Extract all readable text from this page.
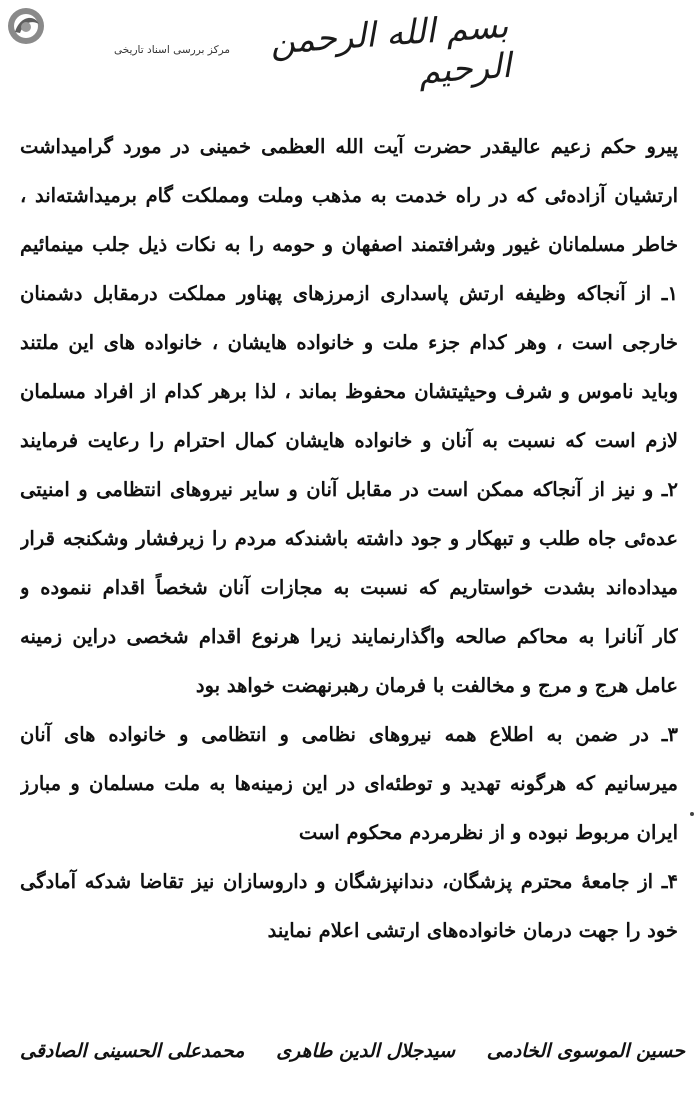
مرکز بررسی اسناد تاریخی	بسم الله الرحمن الرحیم
پیرو حکم زعیم عالیقدر حضرت آیت الله العظمی خمینی در مورد گرامیداشت
ارتشیان آزاده‌ئی که در راه خدمت به مذهب وملت ومملکت گام برمیداشته‌اند ،
خاطر مسلمانان غیور وشرافتمند اصفهان و حومه را به نکات ذیل جلب مینمائیم
۱ـ از آنجاکه وظیفه ارتش پاسداری ازمرزهای پهناور مملکت درمقابل دشمنان
خارجی است ، وهر کدام جزء ملت و خانواده هایشان ، خانواده های این ملتند
وباید ناموس و شرف وحیثیتشان محفوظ بماند ، لذا برهر کدام از افراد مسلمان
لازم است که نسبت به آنان و خانواده هایشان کمال احترام را رعایت فرمایند
۲ـ و نیز از آنجاکه ممکن است در مقابل آنان و سایر نیروهای انتظامی و امنیتی
عده‌ئی جاه طلب و تبهکار و جود داشته باشندکه مردم را زیرفشار وشکنجه قرار
میداده‌اند بشدت خواستاریم که نسبت به مجازات آنان شخصاً اقدام ننموده و
کار آنانرا به محاکم صالحه واگذارنمایند زیرا هرنوع اقدام شخصی دراین زمینه
عامل هرج و مرج و مخالفت با فرمان رهبرنهضت خواهد بود
۳ـ در ضمن به اطلاع همه نیروهای نظامی و انتظامی و خانواده های آنان
میرسانیم که هرگونه تهدید و توطئه‌ای در این زمینه‌ها به ملت مسلمان و مبارز
ایران مربوط نبوده و از نظرمردم محکوم است
۴ـ از جامعهٔ محترم پزشگان، دندانپزشگان و داروسازان نیز تقاضا شدکه آمادگی
خود را جهت درمان خانواده‌های ارتشی اعلام نمایند
حسین الموسوی الخادمی
سیدجلال الدین طاهری
محمدعلی الحسینی الصادقی
